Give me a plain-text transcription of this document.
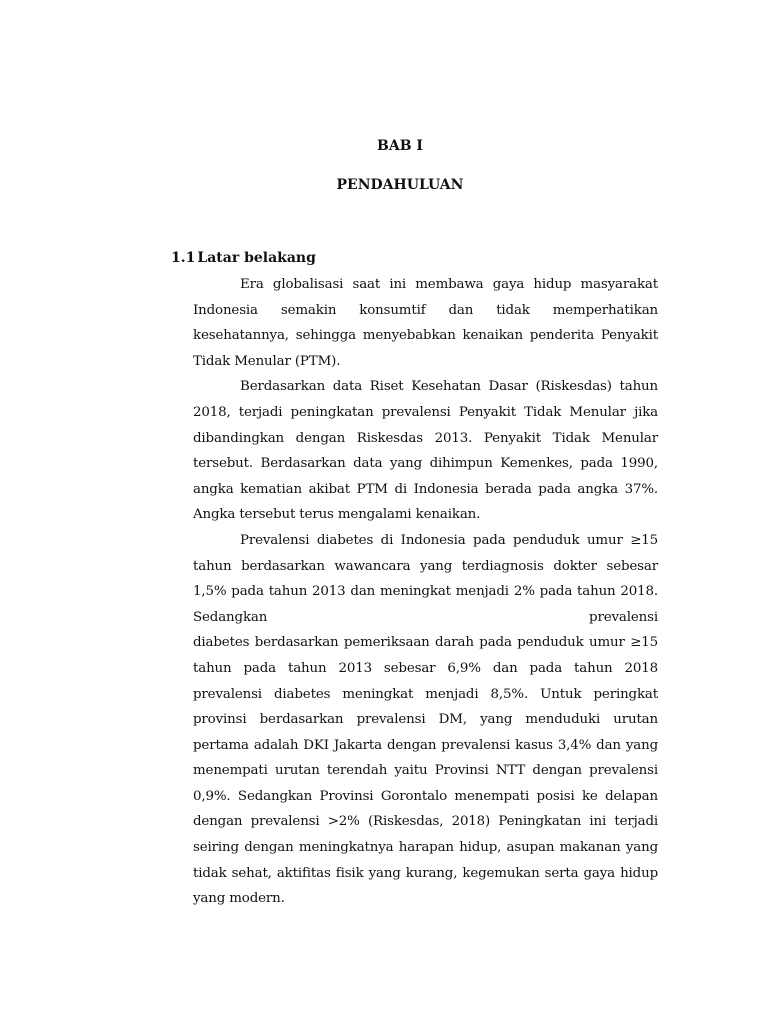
BAB I
PENDAHULUAN
1.1 Latar belakang

Era globalisasi saat ini membawa gaya hidup masyarakat Indonesia semakin konsumtif dan tidak memperhatikan kesehatannya, sehingga menyebabkan kenaikan penderita Penyakit Tidak Menular (PTM).

Berdasarkan data Riset Kesehatan Dasar (Riskesdas) tahun 2018, terjadi peningkatan prevalensi Penyakit Tidak Menular jika dibandingkan dengan Riskesdas 2013. Penyakit Tidak Menular tersebut. Berdasarkan data yang dihimpun Kemenkes, pada 1990, angka kematian akibat PTM di Indonesia berada pada angka 37%. Angka tersebut terus mengalami kenaikan.

Prevalensi diabetes di Indonesia pada penduduk umur ≥15 tahun berdasarkan wawancara yang terdiagnosis dokter sebesar 1,5% pada tahun 2013 dan meningkat menjadi 2% pada tahun 2018. Sedangkan prevalensi

diabetes berdasarkan pemeriksaan darah pada penduduk umur ≥15 tahun pada tahun 2013 sebesar 6,9% dan pada tahun 2018 prevalensi diabetes meningkat menjadi 8,5%. Untuk peringkat provinsi berdasarkan prevalensi DM, yang menduduki urutan pertama adalah DKI Jakarta dengan prevalensi kasus 3,4% dan yang menempati urutan terendah yaitu Provinsi NTT dengan prevalensi 0,9%. Sedangkan Provinsi Gorontalo menempati posisi ke delapan dengan prevalensi >2% (Riskesdas, 2018) Peningkatan ini terjadi seiring dengan meningkatnya harapan hidup, asupan makanan yang tidak sehat, aktifitas fisik yang kurang, kegemukan serta gaya hidup yang modern.
